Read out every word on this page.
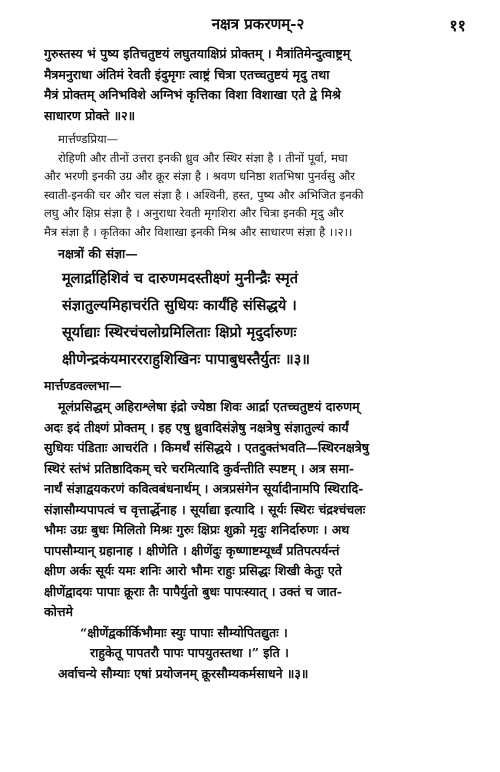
नक्षत्र प्रकरणम्-२	११
गुरुस्तस्य भं पुष्य इतिचतुष्टयं लघुतयाक्षिप्रं प्रोक्तम् । मैत्रांतिमेन्दुत्वाष्ट्रम्
मैत्रमनुराधा अंतिमं रेवती इंदुमृगः त्वाष्ट्रं चित्रा एतच्चतुष्टयं मृदु तथा
मैत्रं प्रोक्तम् अनिभविशे अग्निभं कृत्तिका विशा विशाखा एते द्वे मिश्रे
साधारण प्रोक्ते ॥२॥
मार्त्तण्डप्रिया—
रोहिणी और तीनों उत्तरा इनकी ध्रुव और स्थिर संज्ञा है । तीनों पूर्वा, मघा
और भरणी इनकी उग्र और क्रूर संज्ञा है । श्रवण धनिष्ठा शतभिषा पुनर्वसु और
स्वाती-इनकी चर और चल संज्ञा है । अश्विनी, हस्त, पुष्य और अभिजित इनकी
लघु और क्षिप्र संज्ञा है । अनुराधा रेवती मृगशिरा और चित्रा इनकी मृदु और
मैत्र संज्ञा है । कृतिका और विशाखा इनकी मिश्र और साधारण संज्ञा है ।।२।।
नक्षत्रों की संज्ञा—
मूलार्द्राहिशिवं च दारुणमदस्तीक्ष्णं मुनीन्द्रैः स्मृतं
संज्ञातुल्यमिहाचरंति सुधियः कार्यंहि संसिद्धये ।
सूर्याद्याः स्थिरचंचलोग्रमिलिताः क्षिप्रो मृदुर्दारुणः
क्षीणेन्द्रकंयमाररराहुशिखिनः पापाबुधस्तैर्युतः ॥३॥
मार्त्तण्डवल्लभा—
मूलंप्रसिद्धम् अहिराश्लेषा इंद्रो ज्येष्ठा शिवः आर्द्रा एतच्चतुष्टयं दारुणम्
अदः इदं तीक्ष्णं प्रोक्तम् । इह एषु ध्रुवादिसंज्ञेषु नक्षत्रेषु संज्ञातुल्यं कार्यं
सुधियः पंडिताः आचरंति । किमर्थं संसिद्धये । एतदुक्तंभवति—स्थिरनक्षत्रेषु
स्थिरं स्तंभं प्रतिष्ठादिकम् चरे चरमित्यादि कुर्वन्तीति स्पष्टम् । अत्र समा-
नार्थं संज्ञाद्वयकरणं कवित्वबंधनार्थम् । अत्रप्रसंगेन सूर्यादीनामपि स्थिरादि-
संज्ञासौम्यपापत्वं च वृत्तार्द्धेनाह । सूर्याद्या इत्यादि । सूर्यः स्थिरः चंद्रश्चंचलः
भौमः उग्रः बुधः मिलितो मिश्रः गुरुः क्षिप्रः शुक्रो मृदुः शनिर्दारुणः । अथ
पापसौम्यान् ग्रहानाह । क्षीणेति । क्षीणेंदुः कृष्णाष्टम्यूर्ध्वं प्रतिपत्पर्यन्तं
क्षीण अर्कः सूर्यः यमः शनिः आरो भौमः राहुः प्रसिद्धः शिखी केतुः एते
क्षीणेंद्वादयः पापाः क्रूराः तैः पापैर्युतो बुधः पापःस्यात् । उक्तं च जात-
कोत्तमे
“क्षीणेंद्वर्कार्किभौमाः स्युः पापाः सौम्योपितद्युतः ।
राहुकेतू पापतरौ पापः पापयुतस्तथा ।” इति ।
अर्वाचन्ये सौम्याः एषां प्रयोजनम् क्रूरसौम्यकर्मसाधने ॥३॥
